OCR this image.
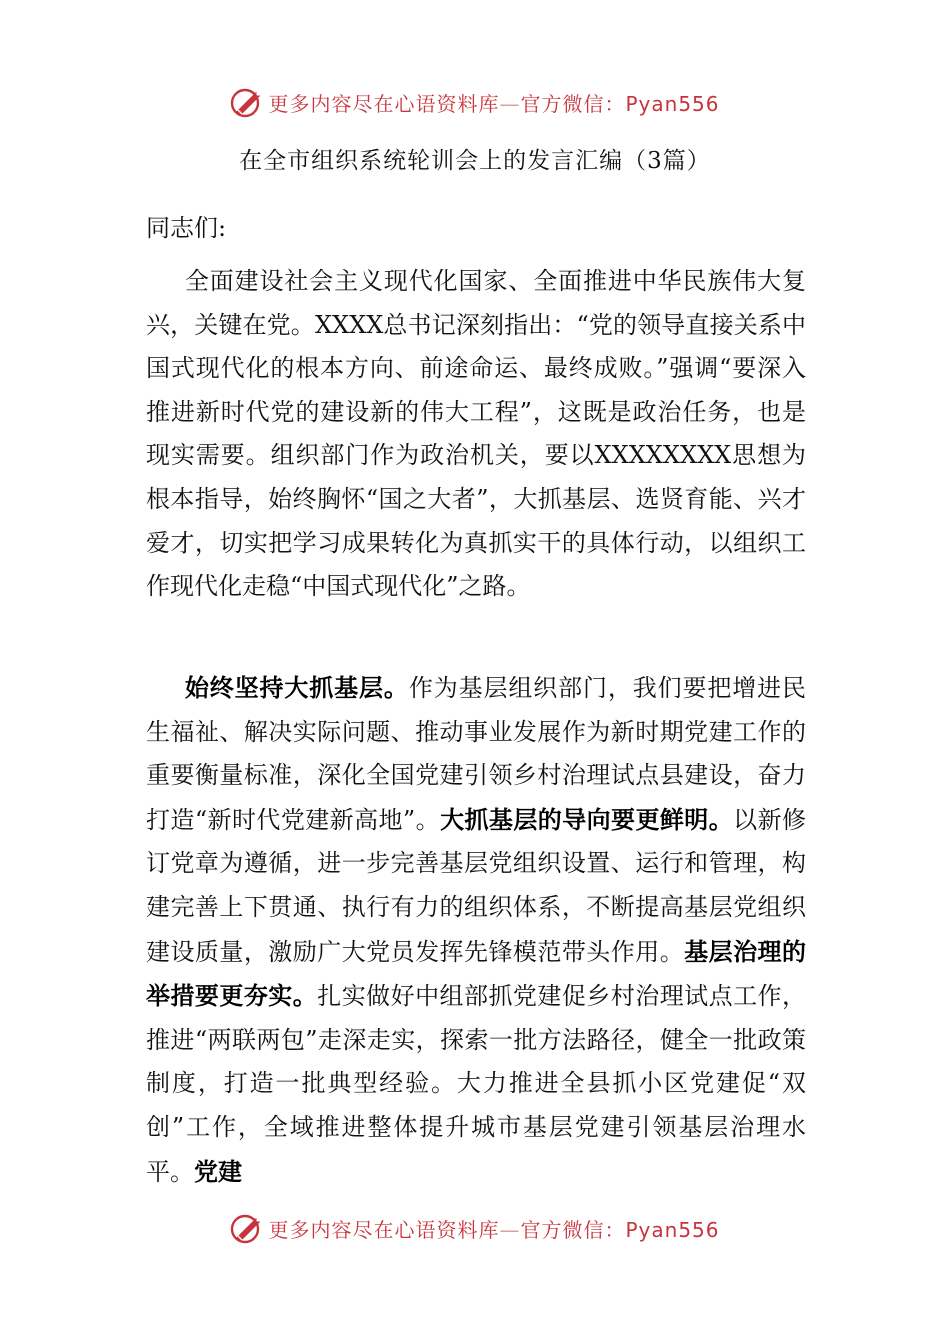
更多内容尽在心语资料库—官方微信：Pyan556
在全市组织系统轮训会上的发言汇编（3篇）
同志们:

全面建设社会主义现代化国家、全面推进中华民族伟大复兴，关键在党。XXXX总书记深刻指出：“党的领导直接关系中国式现代化的根本方向、前途命运、最终成败。”强调“要深入推进新时代党的建设新的伟大工程”，这既是政治任务，也是现实需要。组织部门作为政治机关，要以XXXXXXXX思想为根本指导，始终胸怀“国之大者”，大抓基层、选贤育能、兴才爱才，切实把学习成果转化为真抓实干的具体行动，以组织工作现代化走稳“中国式现代化”之路。

始终坚持大抓基层。作为基层组织部门，我们要把增进民生福祉、解决实际问题、推动事业发展作为新时期党建工作的重要衡量标准，深化全国党建引领乡村治理试点县建设，奋力打造“新时代党建新高地”。大抓基层的导向要更鲜明。以新修订党章为遵循，进一步完善基层党组织设置、运行和管理，构建完善上下贯通、执行有力的组织体系，不断提高基层党组织建设质量，激励广大党员发挥先锋模范带头作用。基层治理的举措要更夯实。扎实做好中组部抓党建促乡村治理试点工作，推进“两联两包”走深走实，探索一批方法路径，健全一批政策制度，打造一批典型经验。大力推进全县抓小区党建促“双创”工作，全域推进整体提升城市基层党建引领基层治理水平。党建

更多内容尽在心语资料库—官方微信：Pyan556
